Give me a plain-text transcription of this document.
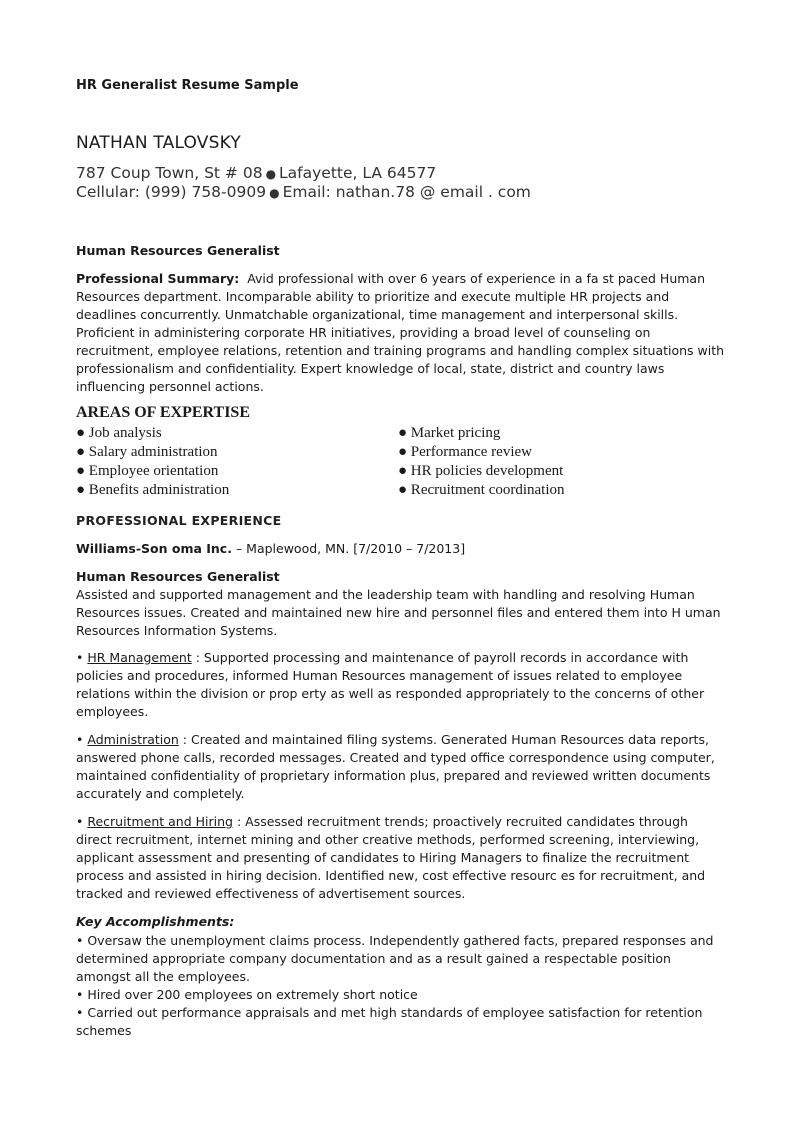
HR Generalist Resume Sample
NATHAN TALOVSKY
787 Coup Town, St # 08 ● Lafayette, LA 64577
Cellular: (999) 758-0909 ● Email: nathan.78 @ email . com
Human Resources Generalist

Professional Summary: Avid professional with over 6 years of experience in a fa st paced Human Resources department. Incomparable ability to prioritize and execute multiple HR projects and deadlines concurrently. Unmatchable organizational, time management and interpersonal skills. Proficient in administering corporate HR initiatives, providing a broad level of counseling on recruitment, employee relations, retention and training programs and handling complex situations with professionalism and confidentiality. Expert knowledge of local, state, district and country laws influencing personnel actions.

AREAS OF EXPERTISE
● Job analysis
● Salary administration
● Employee orientation
● Benefits administration
● Market pricing
● Performance review
● HR policies development
● Recruitment coordination
PROFESSIONAL EXPERIENCE

Williams-Son oma Inc. – Maplewood, MN. [7/2010 – 7/2013]

Human Resources Generalist

Assisted and supported management and the leadership team with handling and resolving Human Resources issues. Created and maintained new hire and personnel files and entered them into H uman Resources Information Systems.

• HR Management : Supported processing and maintenance of payroll records in accordance with policies and procedures, informed Human Resources management of issues related to employee relations within the division or prop erty as well as responded appropriately to the concerns of other employees.

• Administration : Created and maintained filing systems. Generated Human Resources data reports, answered phone calls, recorded messages. Created and typed office correspondence using computer, maintained confidentiality of proprietary information plus, prepared and reviewed written documents accurately and completely.

• Recruitment and Hiring : Assessed recruitment trends; proactively recruited candidates through direct recruitment, internet mining and other creative methods, performed screening, interviewing, applicant assessment and presenting of candidates to Hiring Managers to finalize the recruitment process and assisted in hiring decision. Identified new, cost effective resourc es for recruitment, and tracked and reviewed effectiveness of advertisement sources.

Key Accomplishments:
• Oversaw the unemployment claims process. Independently gathered facts, prepared responses and determined appropriate company documentation and as a result gained a respectable position amongst all the employees.
• Hired over 200 employees on extremely short notice
• Carried out performance appraisals and met high standards of employee satisfaction for retention schemes
